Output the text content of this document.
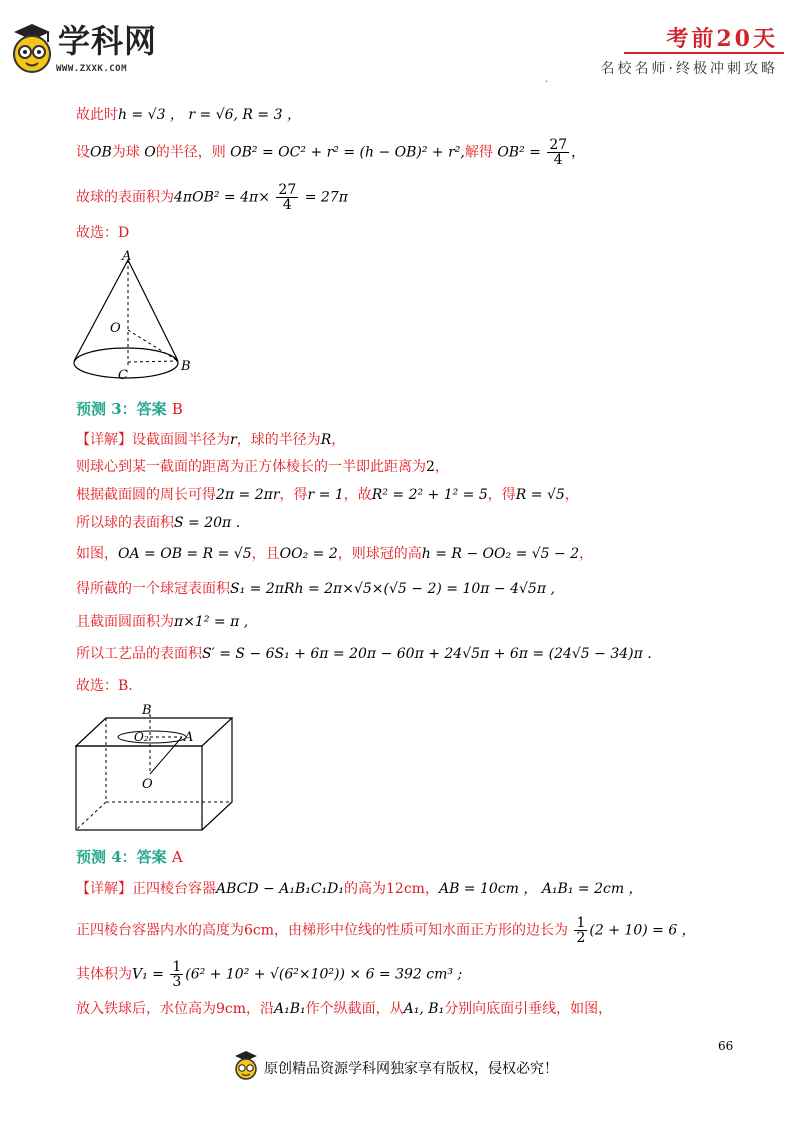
学科网
WWW.ZXXK.COM
考前20天
名校名师·终极冲刺攻略
.
故此时h = √3 ， r = √6, R = 3 ，
设OB为球 O的半径，则 OB² = OC² + r² = (h − OB)² + r²,解得 $OB^2 = \frac{27}{4}$ ，
故球的表面积为$4\pi OB^2 = 4\pi\times \frac{27}{4} = 27\pi$
故选：D
A
O
B
C
预测 3：答案 B
【详解】设截面圆半径为r，球的半径为R，
则球心到某一截面的距离为正方体棱长的一半即此距离为2，
根据截面圆的周长可得2π = 2πr，得r = 1，故R² = 2² + 1² = 5，得R = √5，
所以球的表面积S = 20π .
如图，OA = OB = R = √5，且OO₂ = 2，则球冠的高h = R − OO₂ = √5 − 2，
得所截的一个球冠表面积S₁ = 2πRh = 2π×√5×(√5 − 2) = 10π − 4√5π ,
且截面圆面积为π×1² = π ,
所以工艺品的表面积S′ = S − 6S₁ + 6π = 20π − 60π + 24√5π + 6π = (24√5 − 34)π .
故选：B.
B
O₂	A
O
预测 4：答案 A
【详解】正四棱台容器ABCD − A₁B₁C₁D₁的高为12cm，AB = 10cm ， A₁B₁ = 2cm ，
正四棱台容器内水的高度为6cm，由梯形中位线的性质可知水面正方形的边长为 $\frac{1}{2} (2 + 10) = 6$ ，
其体积为$V_1 = \frac{1}{3} (6^2 + 10^2 + √(6^2\times 10^2)) \times 6 = 392$ cm³ ;
放入铁球后，水位高为9cm，沿A₁B₁作个纵截面，从A₁, B₁分别向底面引垂线，如图，
66
原创精品资源学科网独家享有版权，侵权必究！
